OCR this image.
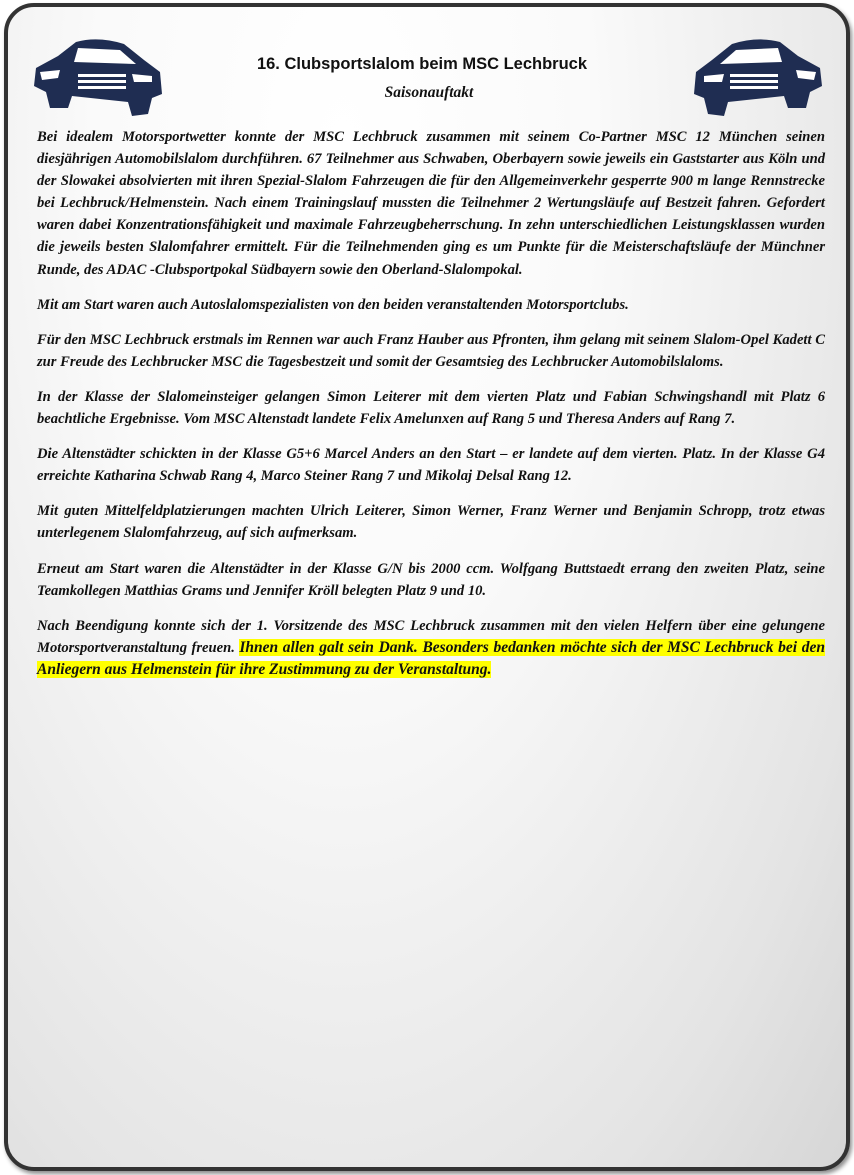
16. Clubsportslalom beim MSC Lechbruck
Saisonauftakt

Bei idealem Motorsportwetter konnte der MSC Lechbruck zusammen mit seinem Co-Partner MSC 12 München seinen diesjährigen Automobilslalom durchführen. 67 Teilnehmer aus Schwaben, Oberbayern sowie jeweils ein Gaststarter aus Köln und der Slowakei absolvierten mit ihren Spezial-Slalom Fahrzeugen die für den Allgemeinverkehr gesperrte 900 m lange Rennstrecke bei Lechbruck/Helmenstein. Nach einem Trainingslauf mussten die Teilnehmer 2 Wertungsläufe auf Bestzeit fahren. Gefordert waren dabei Konzentrationsfähigkeit und maximale Fahrzeugbeherrschung. In zehn unterschiedlichen Leistungsklassen wurden die jeweils besten Slalomfahrer ermittelt. Für die Teilnehmenden ging es um Punkte für die Meisterschaftsläufe der Münchner Runde, des ADAC -Clubsportpokal Südbayern sowie den Oberland-Slalompokal.

Mit am Start waren auch Autoslalomspezialisten von den beiden veranstaltenden Motorsportclubs.

Für den MSC Lechbruck erstmals im Rennen war auch Franz Hauber aus Pfronten, ihm gelang mit seinem Slalom-Opel Kadett C zur Freude des Lechbrucker MSC die Tagesbestzeit und somit der Gesamtsieg des Lechbrucker Automobilslaloms.

In der Klasse der Slalomeinsteiger gelangen Simon Leiterer mit dem vierten Platz und Fabian Schwingshandl mit Platz 6 beachtliche Ergebnisse. Vom MSC Altenstadt landete Felix Amelunxen auf Rang 5 und Theresa Anders auf Rang 7.

Die Altenstädter schickten in der Klasse G5+6 Marcel Anders an den Start – er landete auf dem vierten. Platz. In der Klasse G4 erreichte Katharina Schwab Rang 4, Marco Steiner Rang 7 und Mikolaj Delsal Rang 12.

Mit guten Mittelfeldplatzierungen machten Ulrich Leiterer, Simon Werner, Franz Werner und Benjamin Schropp, trotz etwas unterlegenem Slalomfahrzeug, auf sich aufmerksam.

Erneut am Start waren die Altenstädter in der Klasse G/N bis 2000 ccm. Wolfgang Buttstaedt errang den zweiten Platz, seine Teamkollegen Matthias Grams und Jennifer Kröll belegten Platz 9 und 10.

Nach Beendigung konnte sich der 1. Vorsitzende des MSC Lechbruck zusammen mit den vielen Helfern über eine gelungene Motorsportveranstaltung freuen. Ihnen allen galt sein Dank. Besonders bedanken möchte sich der MSC Lechbruck bei den Anliegern aus Helmenstein für ihre Zustimmung zu der Veranstaltung.
